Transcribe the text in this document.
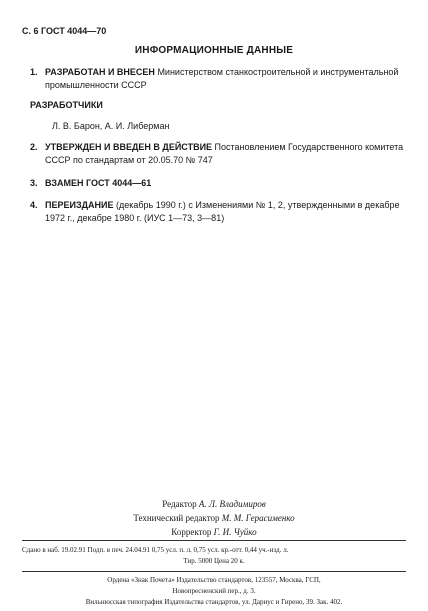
С. 6 ГОСТ 4044—70
ИНФОРМАЦИОННЫЕ ДАННЫЕ
1. РАЗРАБОТАН И ВНЕСЕН Министерством станкостроительной и инструментальной промышленности СССР
РАЗРАБОТЧИКИ
Л. В. Барон, А. И. Либерман
2. УТВЕРЖДЕН И ВВЕДЕН В ДЕЙСТВИЕ Постановлением Государственного комитета СССР по стандартам от 20.05.70 № 747
3. ВЗАМЕН ГОСТ 4044—61
4. ПЕРЕИЗДАНИЕ (декабрь 1990 г.) с Изменениями № 1, 2, утвержденными в декабре 1972 г., декабре 1980 г. (ИУС 1—73, 3—81)
Редактор А. Л. Владимиров
Технический редактор М. М. Герасименко
Корректор Г. И. Чуйко
Сдано в наб. 19.02.91 Подп. в печ. 24.04.91 0,75 усл. п. л. 0,75 усл. кр.-отт. 0,44 уч.-изд. л.
Тир. 5000 Цена 20 к.
Ордена «Знак Почета» Издательство стандартов, 123557, Москва, ГСП,
Новопресненский пер., д. 3.
Вильнюсская типография Издательства стандартов, ул. Дариус и Гирено, 39. Зак. 402.
